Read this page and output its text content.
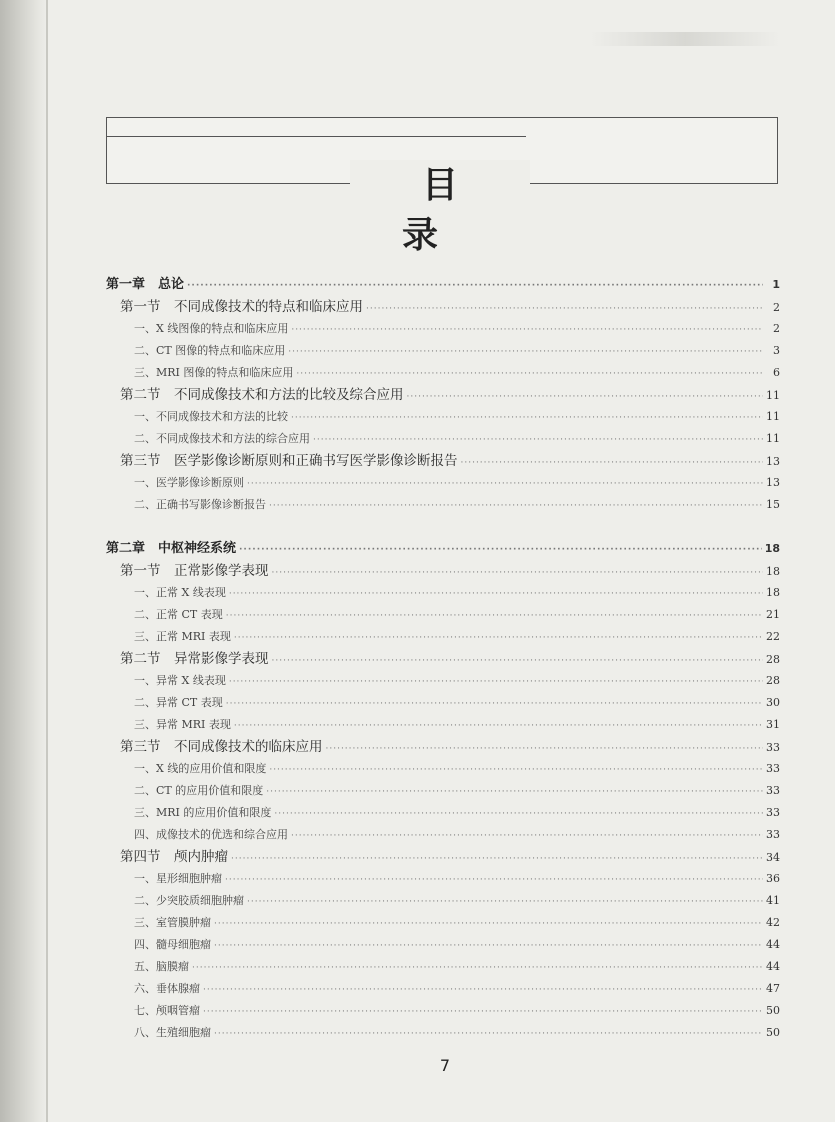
目 录
第一章　总论 ·····	1
第一节　不同成像技术的特点和临床应用 ·····	2
一、X 线图像的特点和临床应用 ·····	2
二、CT 图像的特点和临床应用 ·····	3
三、MRI 图像的特点和临床应用 ·····	6
第二节　不同成像技术和方法的比较及综合应用 ·····	11
一、不同成像技术和方法的比较 ·····	11
二、不同成像技术和方法的综合应用 ·····	11
第三节　医学影像诊断原则和正确书写医学影像诊断报告 ·····	13
一、医学影像诊断原则 ·····	13
二、正确书写影像诊断报告 ·····	15
第二章　中枢神经系统 ·····	18
第一节　正常影像学表现 ·····	18
一、正常 X 线表现 ·····	18
二、正常 CT 表现 ·····	21
三、正常 MRI 表现 ·····	22
第二节　异常影像学表现 ·····	28
一、异常 X 线表现 ·····	28
二、异常 CT 表现 ·····	30
三、异常 MRI 表现 ·····	31
第三节　不同成像技术的临床应用 ·····	33
一、X 线的应用价值和限度 ·····	33
二、CT 的应用价值和限度 ·····	33
三、MRI 的应用价值和限度 ·····	33
四、成像技术的优选和综合应用 ·····	33
第四节　颅内肿瘤 ·····	34
一、星形细胞肿瘤 ·····	36
二、少突胶质细胞肿瘤 ·····	41
三、室管膜肿瘤 ·····	42
四、髓母细胞瘤 ·····	44
五、脑膜瘤 ·····	44
六、垂体腺瘤 ·····	47
七、颅咽管瘤 ·····	50
八、生殖细胞瘤 ·····	50
7
